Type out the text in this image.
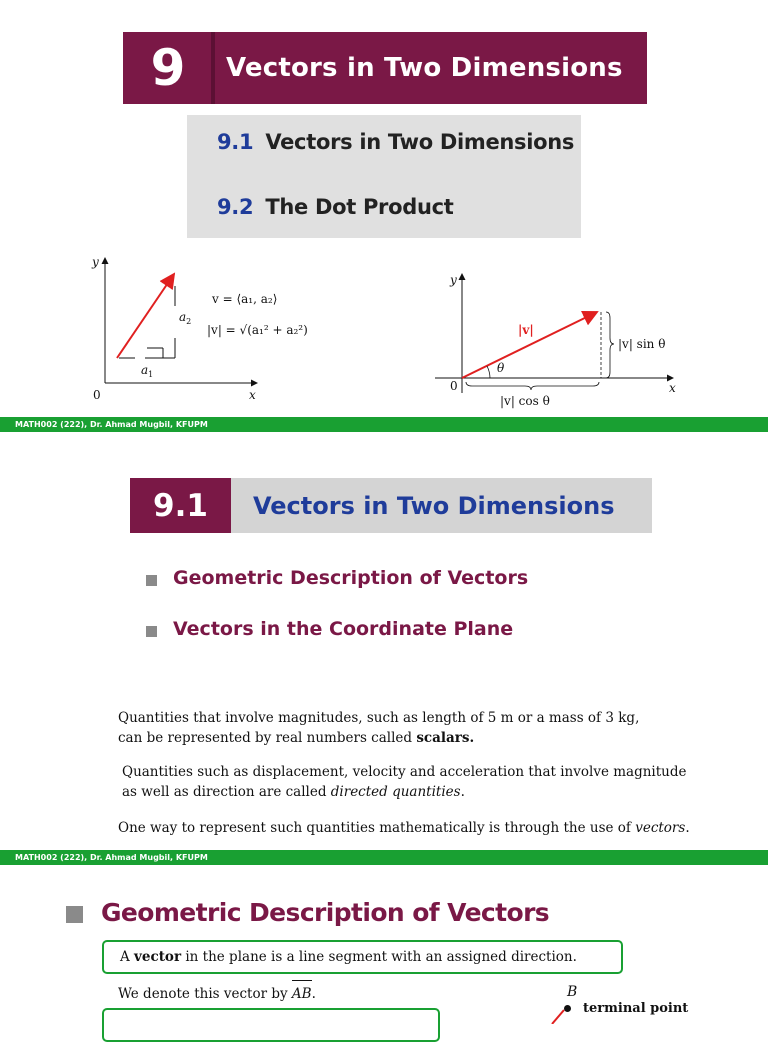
9	Vectors in Two Dimensions
9.1 Vectors in Two Dimensions
9.2 The Dot Product
y
x
0
$a_1$
$a_2$
v = ⟨a₁, a₂⟩
|v| = √(a₁² + a₂²)
y
x
0
|v|
θ
|v| sin θ
|v| cos θ
MATH002 (222), Dr. Ahmad Mugbil, KFUPM
9.1	Vectors in Two Dimensions
Geometric Description of Vectors
Vectors in the Coordinate Plane
Quantities that involve magnitudes, such as length of 5 m or a mass of 3 kg,
can be represented by real numbers called scalars.
Quantities such as displacement, velocity and acceleration that involve magnitude
as well as direction are called directed quantities.
One way to represent such quantities mathematically is through the use of vectors.
MATH002 (222), Dr. Ahmad Mugbil, KFUPM
Geometric Description of Vectors
A vector in the plane is a line segment with an assigned direction.
We denote this vector by
AB.	B
terminal point
